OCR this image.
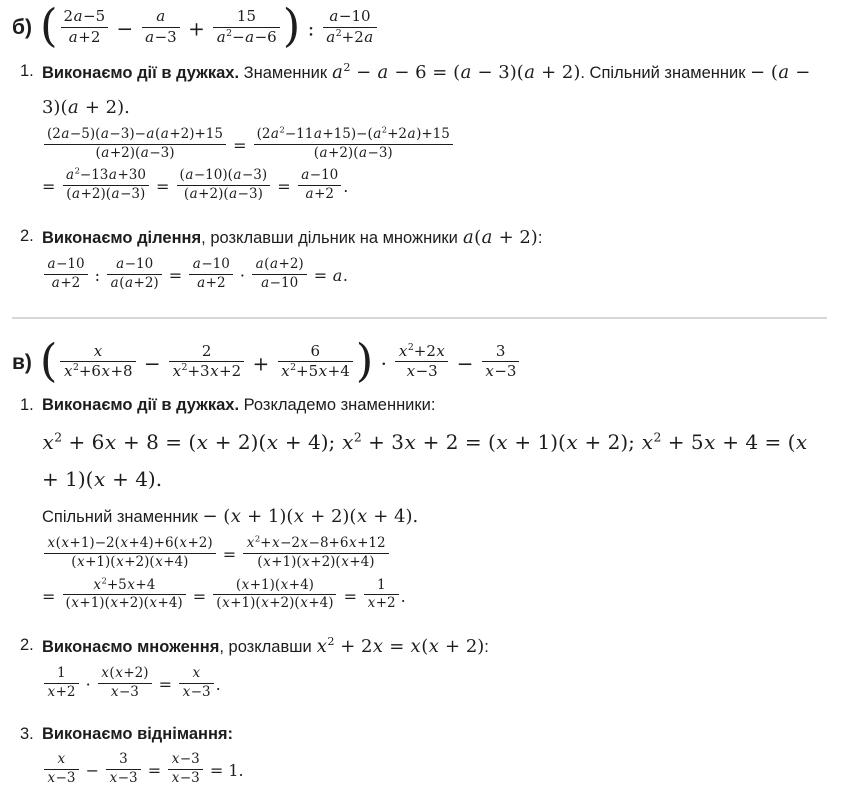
б) ( $\frac{2a-5}{a+2} - \frac{a}{a-3} + \frac{15}{a^2-a-6}$ ) : $\frac{a-10}{a^2+2a}$
1. Виконаємо дії в дужках. Знаменник $a^2 - a - 6 = (a - 3)(a + 2)$. Спільний знаменник − (a − 3)(a + 2).
$\frac{(2a-5)(a-3)-a(a+2)+15}{(a+2)(a-3)} = \frac{(2a^2-11a+15)-(a^2+2a)+15}{(a+2)(a-3)}$
= $\frac{a^2-13a+30}{(a+2)(a-3)} = \frac{(a-10)(a-3)}{(a+2)(a-3)} = \frac{a-10}{a+2}$ .
2. Виконаємо ділення, розклавши дільник на множники a(a + 2):
$\frac{a-10}{a+2}$ : $\frac{a-10}{a(a+2)} = \frac{a-10}{a+2} \cdot \frac{a(a+2)}{a-10} = a$.
в) ( $\frac{x}{x^2+6x+8} - \frac{2}{x^2+3x+2} + \frac{6}{x^2+5x+4}$ ) · $\frac{x^2+2x}{x-3} - \frac{3}{x-3}$
1. Виконаємо дії в дужках. Розкладемо знаменники:
$x^2 + 6x + 8 = (x + 2)(x + 4)$; $x^2 + 3x + 2 = (x + 1)(x + 2)$; $x^2 + 5x + 4 = (x + 1)(x + 4)$.
Спільний знаменник − (x + 1)(x + 2)(x + 4).
$\frac{x(x+1)-2(x+4)+6(x+2)}{(x+1)(x+2)(x+4)} = \frac{x^2+x-2x-8+6x+12}{(x+1)(x+2)(x+4)}$
= $\frac{x^2+5x+4}{(x+1)(x+2)(x+4)} = \frac{(x+1)(x+4)}{(x+1)(x+2)(x+4)} = \frac{1}{x+2}$ .
2. Виконаємо множення, розклавши $x^2 + 2x = x(x + 2)$:
$\frac{1}{x+2} \cdot \frac{x(x+2)}{x-3} = \frac{x}{x-3}$ .
3. Виконаємо віднімання:
$\frac{x}{x-3} - \frac{3}{x-3} = \frac{x-3}{x-3} = 1$.
